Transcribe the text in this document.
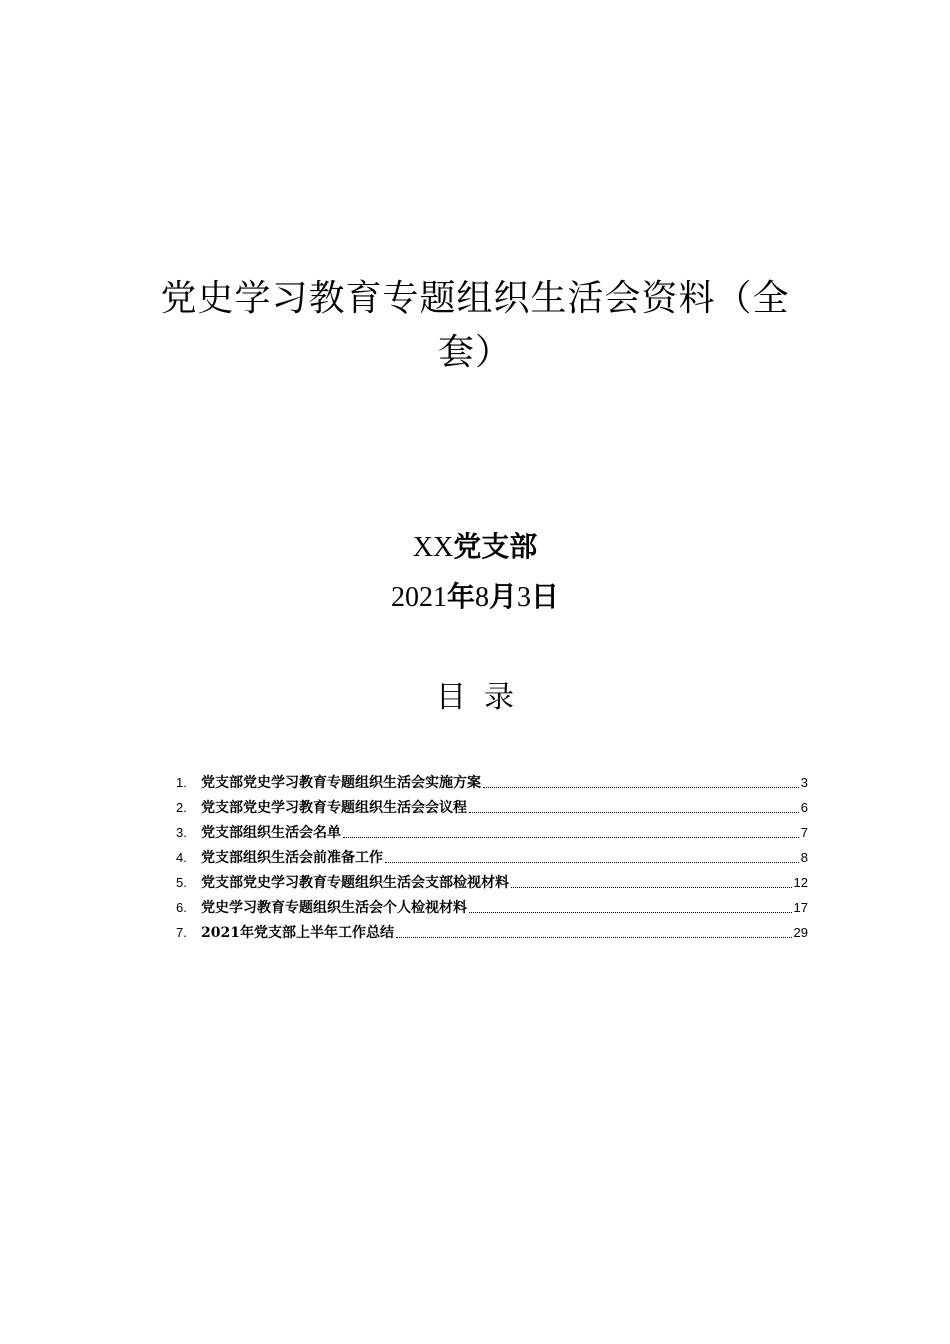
党史学习教育专题组织生活会资料（全套）
XX党支部
2021年8月3日
目录
1.	党支部党史学习教育专题组织生活会实施方案	3
2.	党支部党史学习教育专题组织生活会会议程	6
3.	党支部组织生活会名单	7
4.	党支部组织生活会前准备工作	8
5.	党支部党史学习教育专题组织生活会支部检视材料	12
6.	党史学习教育专题组织生活会个人检视材料	17
7.	2021年党支部上半年工作总结	29
